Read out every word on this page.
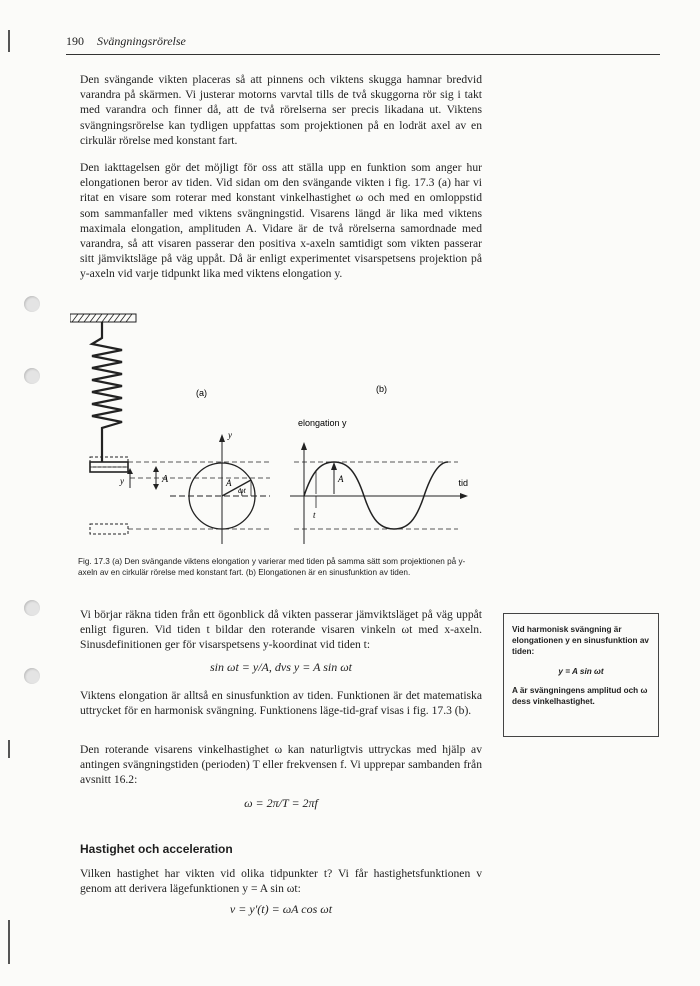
190 Svängningsrörelse
Den svängande vikten placeras så att pinnens och viktens skugga hamnar bredvid varandra på skärmen. Vi justerar motorns varvtal tills de två skuggorna rör sig i takt med varandra och finner då, att de två rörelserna ser precis likadana ut. Viktens svängningsrörelse kan tydligen uppfattas som projektionen på en lodrät axel av en cirkulär rörelse med konstant fart.
Den iakttagelsen gör det möjligt för oss att ställa upp en funktion som anger hur elongationen beror av tiden. Vid sidan om den svängande vikten i fig. 17.3 (a) har vi ritat en visare som roterar med konstant vinkelhastighet ω och med en omloppstid som sammanfaller med viktens svängningstid. Visarens längd är lika med viktens maximala elongation, amplituden A. Vidare är de två rörelserna samordnade med varandra, så att visaren passerar den positiva x-axeln samtidigt som vikten passerar sitt jämviktsläge på väg uppåt. Då är enligt experimentet visarspetsens projektion på y-axeln vid varje tidpunkt lika med viktens elongation y.
(a)	(b)
y
A
y	A
ωt
elongation y
tid
A
t
Fig. 17.3 (a) Den svängande viktens elongation y varierar med tiden på samma sätt som projektionen på y-axeln av en cirkulär rörelse med konstant fart. (b) Elongationen är en sinusfunktion av tiden.
Vi börjar räkna tiden från ett ögonblick då vikten passerar jämviktsläget på väg uppåt enligt figuren. Vid tiden t bildar den roterande visaren vinkeln ωt med x-axeln. Sinusdefinitionen ger för visarspetsens y-koordinat vid tiden t:
sin ωt = y/A, dvs y = A sin ωt
Viktens elongation är alltså en sinusfunktion av tiden. Funktionen är det matematiska uttrycket för en harmonisk svängning. Funktionens läge-tid-graf visas i fig. 17.3 (b).
Den roterande visarens vinkelhastighet ω kan naturligtvis uttryckas med hjälp av antingen svängningstiden (perioden) T eller frekvensen f. Vi upprepar sambanden från avsnitt 16.2:
ω = 2π/T = 2πf
Hastighet och acceleration
Vilken hastighet har vikten vid olika tidpunkter t? Vi får hastighetsfunktionen v genom att derivera lägefunktionen y = A sin ωt:
v = y′(t) = ωA cos ωt
Vid harmonisk svängning är elongationen y en sinusfunktion av tiden:
y = A sin ωt
A är svängningens amplitud och ω dess vinkelhastighet.
